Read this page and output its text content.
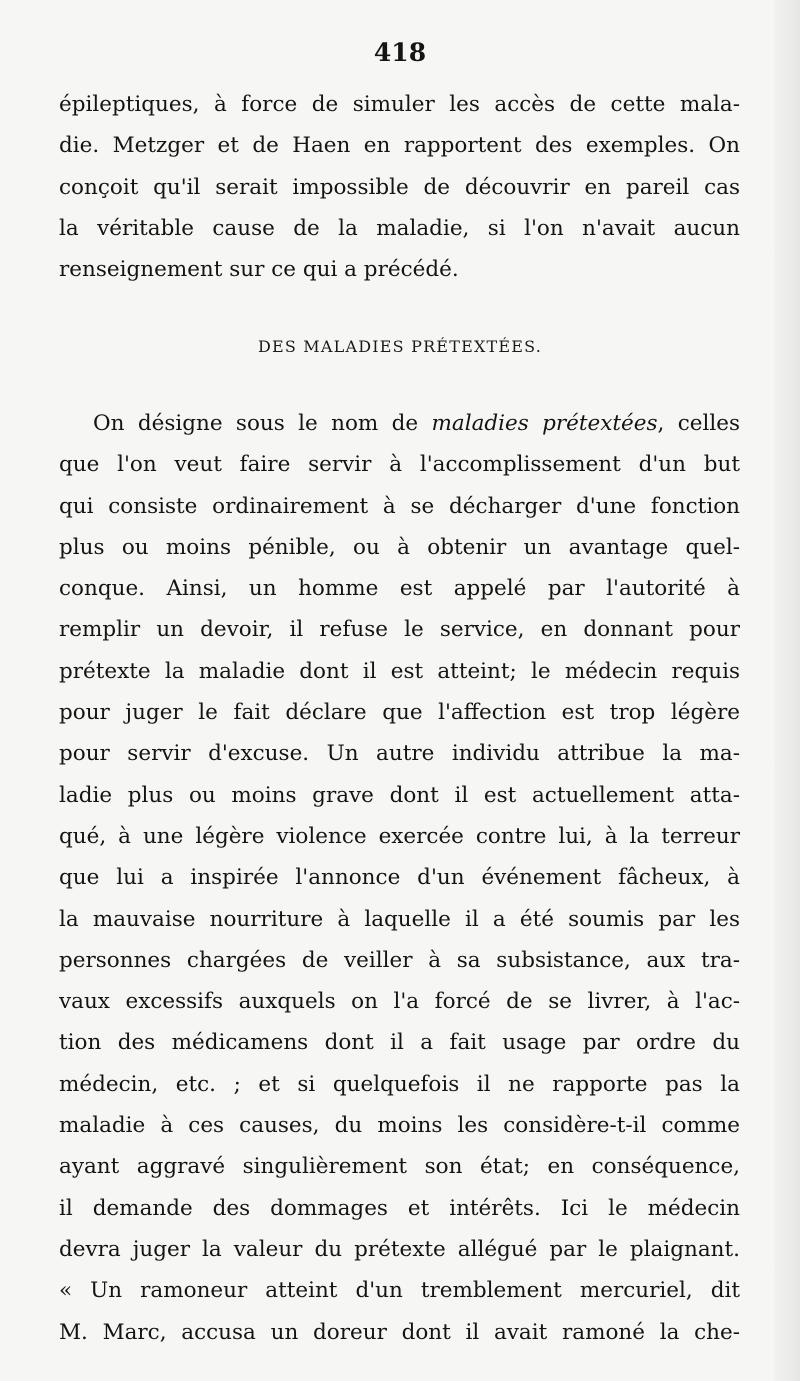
418
épileptiques, à force de simuler les accès de cette mala-
die. Metzger et de Haen en rapportent des exemples. On
conçoit qu'il serait impossible de découvrir en pareil cas
la véritable cause de la maladie, si l'on n'avait aucun
renseignement sur ce qui a précédé.
DES MALADIES PRÉTEXTÉES.
On désigne sous le nom de maladies prétextées, celles
que l'on veut faire servir à l'accomplissement d'un but
qui consiste ordinairement à se décharger d'une fonction
plus ou moins pénible, ou à obtenir un avantage quel-
conque. Ainsi, un homme est appelé par l'autorité à
remplir un devoir, il refuse le service, en donnant pour
prétexte la maladie dont il est atteint; le médecin requis
pour juger le fait déclare que l'affection est trop légère
pour servir d'excuse. Un autre individu attribue la ma-
ladie plus ou moins grave dont il est actuellement atta-
qué, à une légère violence exercée contre lui, à la terreur
que lui a inspirée l'annonce d'un événement fâcheux, à
la mauvaise nourriture à laquelle il a été soumis par les
personnes chargées de veiller à sa subsistance, aux tra-
vaux excessifs auxquels on l'a forcé de se livrer, à l'ac-
tion des médicamens dont il a fait usage par ordre du
médecin, etc. ; et si quelquefois il ne rapporte pas la
maladie à ces causes, du moins les considère-t-il comme
ayant aggravé singulièrement son état; en conséquence,
il demande des dommages et intérêts. Ici le médecin
devra juger la valeur du prétexte allégué par le plaignant.
« Un ramoneur atteint d'un tremblement mercuriel, dit
M. Marc, accusa un doreur dont il avait ramoné la che-
